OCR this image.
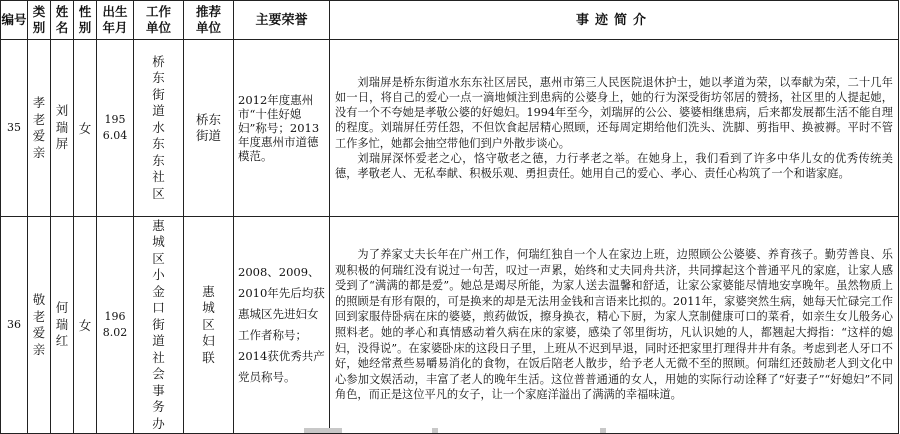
编号	类别	姓名	性别	出生年月	工作单位	推荐单位	主要荣誉	事迹简介
35	孝老爱亲	刘瑞屏	女	1956.04	桥东街道水东东社区	桥东街道	2012年度惠州市“十佳好媳妇”称号；2013年度惠州市道德模范。	刘瑞屏是桥东街道水东东社区居民，惠州市第三人民医院退休护士，她以孝道为荣，以奉献为荣，二十几年如一日，将自己的爱心一点一滴地倾注到患病的公婆身上，她的行为深受街坊邻居的赞扬，社区里的人提起她，没有一个不夸她是孝敬公婆的好媳妇。1994年至今，刘瑞屏的公公、婆婆相继患病，后来都发展都生活不能自理的程度。刘瑞屏任劳任怨，不但饮食起居精心照顾，还每周定期给他们洗头、洗脚、剪指甲、换被褥。平时不管工作多忙，她都会抽空带他们到户外散步谈心。

刘瑞屏深怀爱老之心，恪守敬老之德，力行孝老之举。在她身上，我们看到了许多中华儿女的优秀传统美德，孝敬老人、无私奉献、积极乐观、勇担责任。她用自己的爱心、孝心、责任心构筑了一个和谐家庭。

36	敬老爱亲	何瑞红	女	1968.02	惠城区小金口街道社会事务办	惠城区妇联	2008、2009、2010年先后均获惠城区先进妇女工作者称号；2014获优秀共产党员称号。	为了养家丈夫长年在广州工作，何瑞红独自一个人在家边上班，边照顾公公婆婆、养育孩子。勤劳善良、乐观积极的何瑞红没有说过一句苦，叹过一声累，始终和丈夫同舟共济，共同撑起这个普通平凡的家庭，让家人感受到了“满满的都是爱”。她总是竭尽所能，为家人送去温馨和舒适，让家公家婆能尽情地安享晚年。虽然物质上的照顾是有形有限的，可是换来的却是无法用金钱和言语来比拟的。2011年，家婆突然生病，她每天忙碌完工作回到家服侍卧病在床的婆婆，煎药做饭，擦身换衣，精心下厨，为家人烹制健康可口的菜肴，如亲生女儿般务心照料老。她的孝心和真情感动着久病在床的家婆，感染了邻里街坊，凡认识她的人，都翘起大拇指：“这样的媳妇，没得说”。在家婆卧床的这段日子里，上班从不迟到早退，同时还把家里打理得井井有条。考虑到老人牙口不好，她经常煮些易嚼易消化的食物，在饭后陪老人散步，给予老人无微不至的照顾。何瑞红还鼓励老人到文化中心参加文娱活动，丰富了老人的晚年生活。这位普普通通的女人，用她的实际行动诠释了“好妻子”“好媳妇”不同角色，而正是这位平凡的女子，让一个家庭洋溢出了满满的幸福味道。
